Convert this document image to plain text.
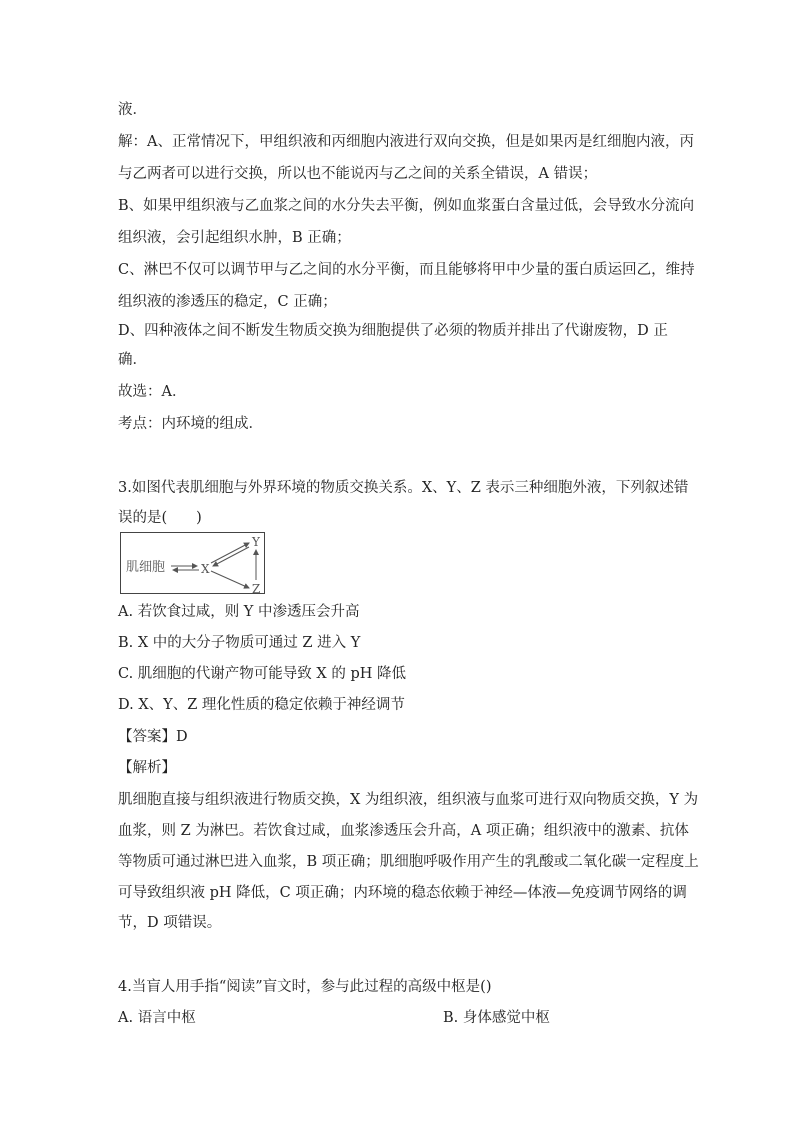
液．
解：A、正常情况下，甲组织液和丙细胞内液进行双向交换，但是如果丙是红细胞内液，丙
与乙两者可以进行交换，所以也不能说丙与乙之间的关系全错误，A 错误；
B、如果甲组织液与乙血浆之间的水分失去平衡，例如血浆蛋白含量过低，会导致水分流向
组织液，会引起组织水肿，B 正确；
C、淋巴不仅可以调节甲与乙之间的水分平衡，而且能够将甲中少量的蛋白质运回乙，维持
组织液的渗透压的稳定，C 正确；
D、四种液体之间不断发生物质交换为细胞提供了必须的物质并排出了代谢废物，D 正
确．
故选：A．
考点：内环境的组成．
3.如图代表肌细胞与外界环境的物质交换关系。X、Y、Z 表示三种细胞外液，下列叙述错
误的是(　　)
肌细胞	X
Y
Z
A. 若饮食过咸，则 Y 中渗透压会升高
B. X 中的大分子物质可通过 Z 进入 Y
C. 肌细胞的代谢产物可能导致 X 的 pH 降低
D. X、Y、Z 理化性质的稳定依赖于神经调节
【答案】D
【解析】
肌细胞直接与组织液进行物质交换，X 为组织液，组织液与血浆可进行双向物质交换，Y 为
血浆，则 Z 为淋巴。若饮食过咸，血浆渗透压会升高，A 项正确；组织液中的激素、抗体
等物质可通过淋巴进入血浆，B 项正确；肌细胞呼吸作用产生的乳酸或二氧化碳一定程度上
可导致组织液 pH 降低，C 项正确；内环境的稳态依赖于神经—体液—免疫调节网络的调
节，D 项错误。
4.当盲人用手指“阅读”盲文时，参与此过程的高级中枢是()
A. 语言中枢	B. 身体感觉中枢
